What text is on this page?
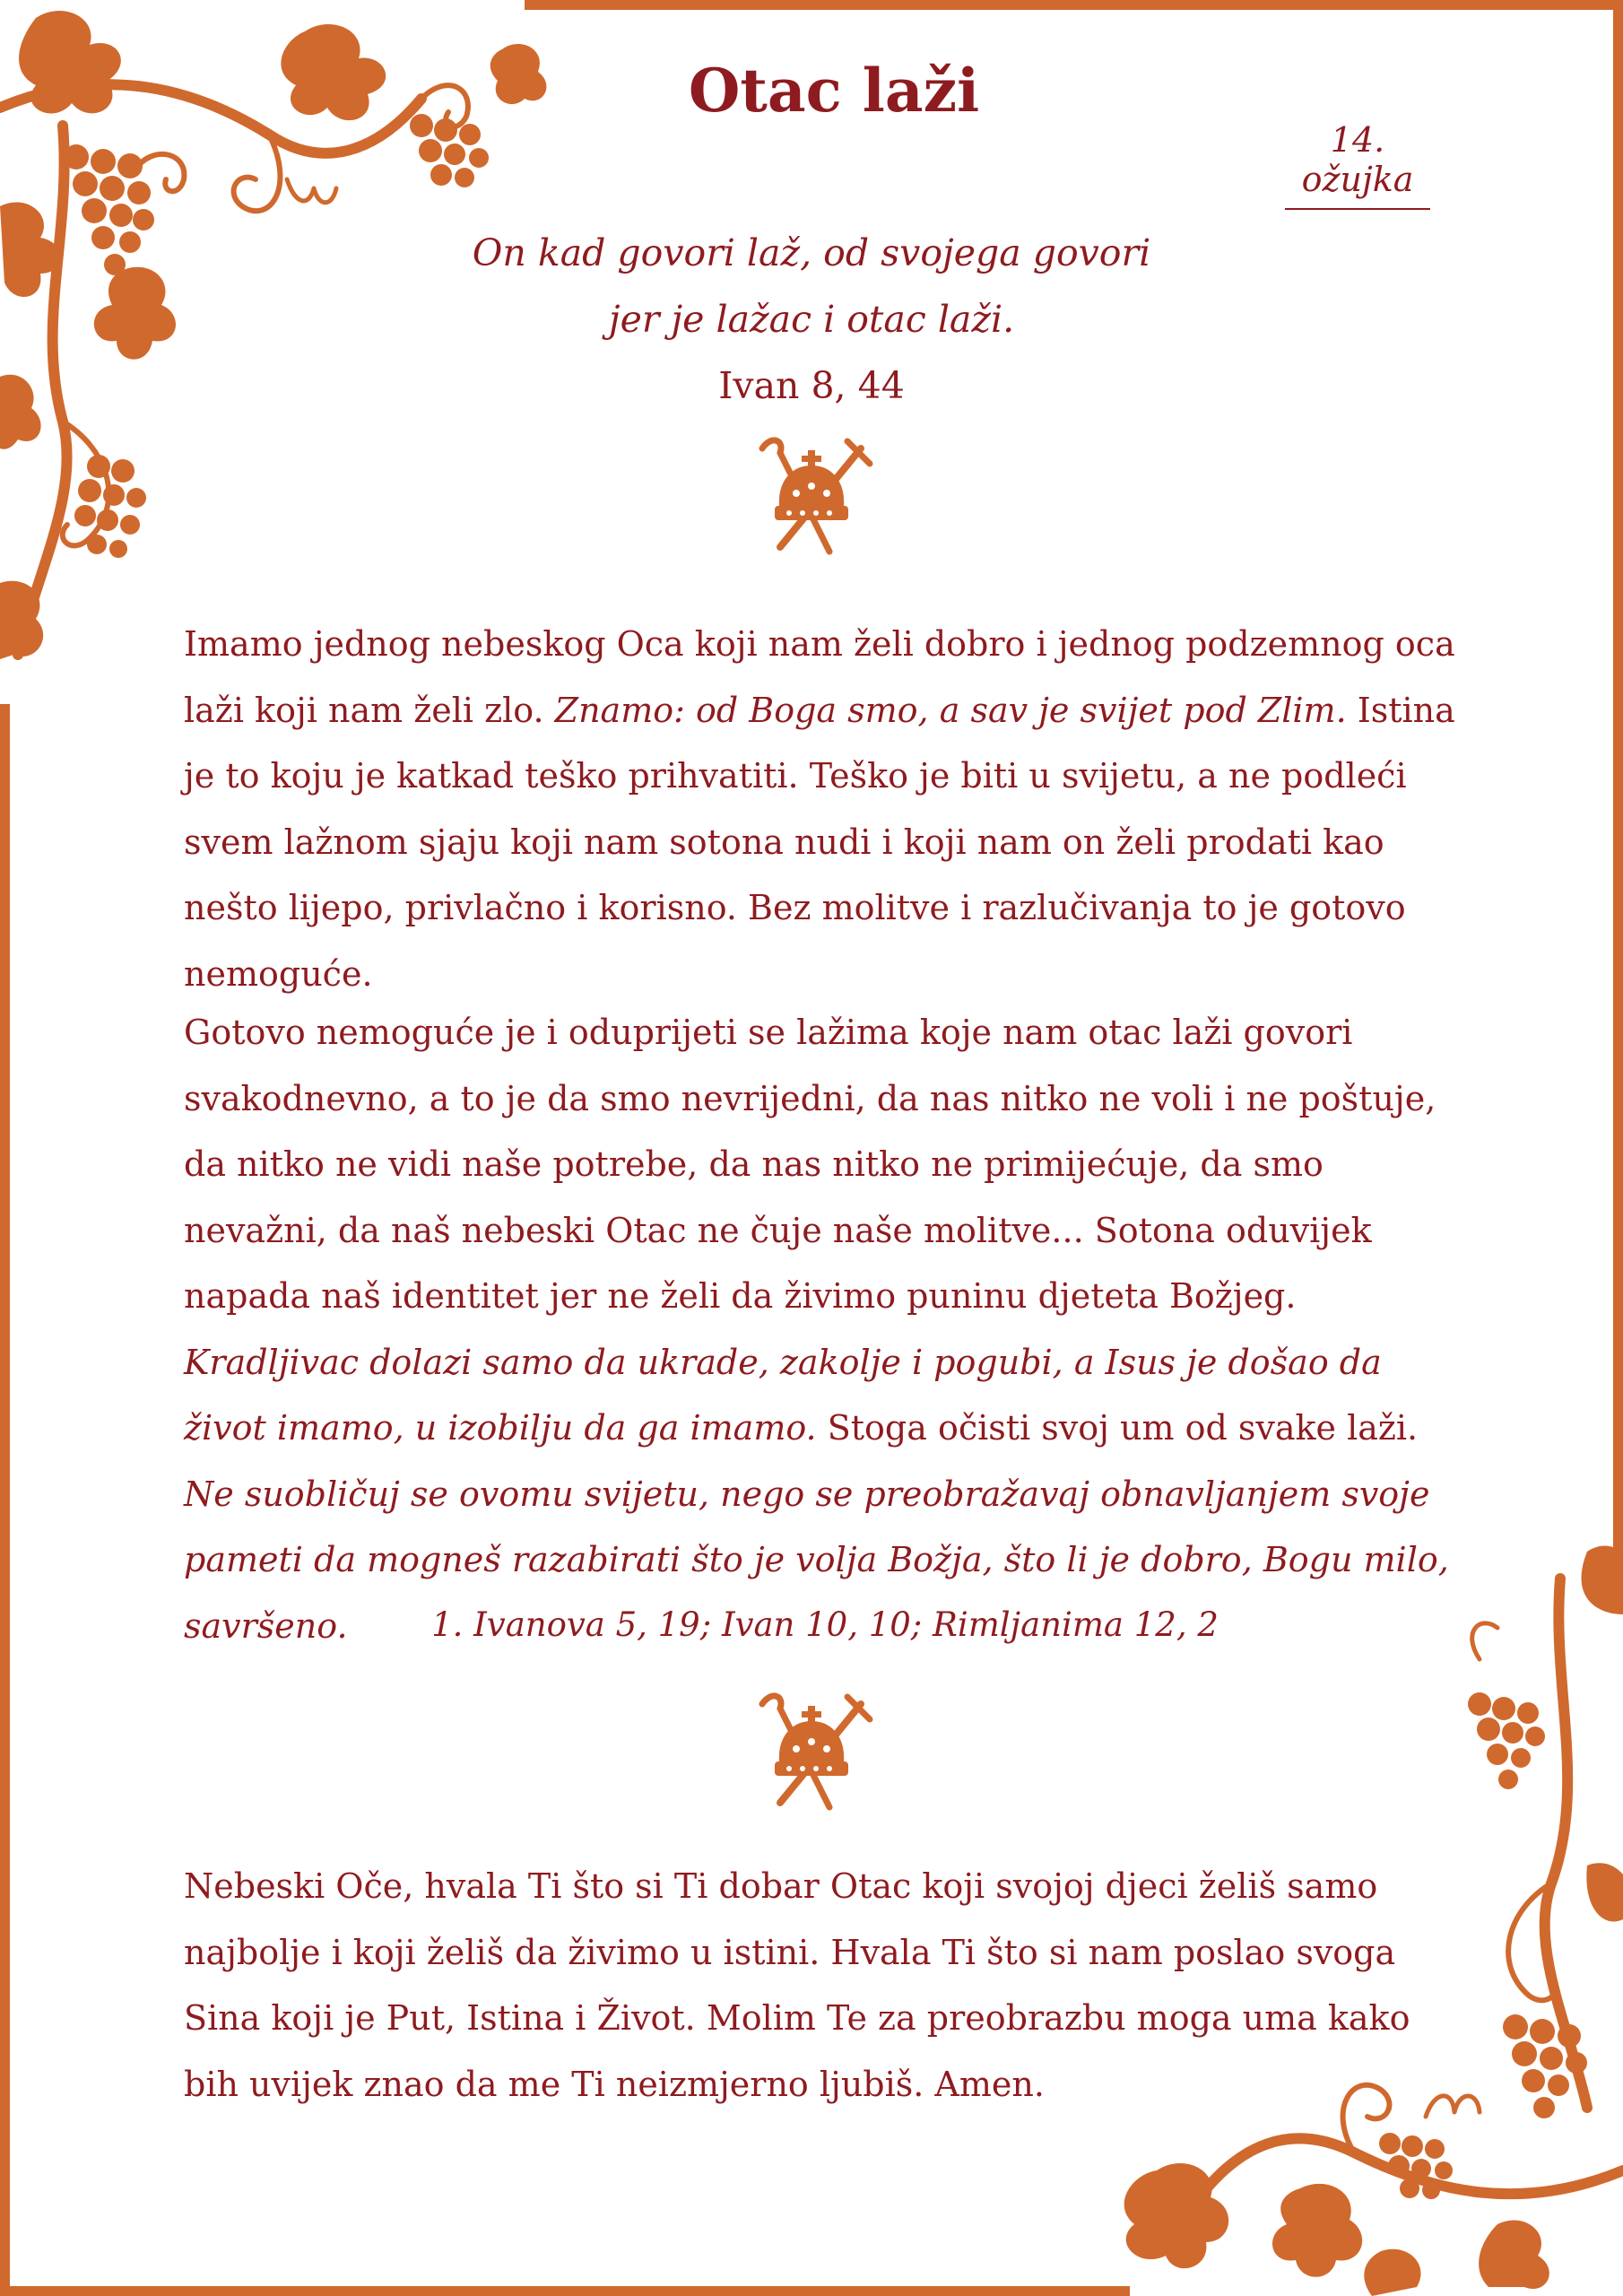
Otac laži
14. ožujka
On kad govori laž, od svojega govori
jer je lažac i otac laži.
Ivan 8, 44
Imamo jednog nebeskog Oca koji nam želi dobro i jednog podzemnog oca laži koji nam želi zlo. Znamo: od Boga smo, a sav je svijet pod Zlim. Istina je to koju je katkad teško prihvatiti. Teško je biti u svijetu, a ne podleći svem lažnom sjaju koji nam sotona nudi i koji nam on želi prodati kao nešto lijepo, privlačno i korisno. Bez molitve i razlučivanja to je gotovo nemoguće.
Gotovo nemoguće je i oduprijeti se lažima koje nam otac laži govori svakodnevno, a to je da smo nevrijedni, da nas nitko ne voli i ne poštuje, da nitko ne vidi naše potrebe, da nas nitko ne primijećuje, da smo nevažni, da naš nebeski Otac ne čuje naše molitve... Sotona oduvijek napada naš identitet jer ne želi da živimo puninu djeteta Božjeg. Kradljivac dolazi samo da ukrade, zakolje i pogubi, a Isus je došao da život imamo, u izobilju da ga imamo. Stoga očisti svoj um od svake laži. Ne suobličuj se ovomu svijetu, nego se preobražavaj obnavljanjem svoje pameti da mogneš razabirati što je volja Božja, što li je dobro, Bogu milo, savršeno.	1. Ivanova 5, 19; Ivan 10, 10; Rimljanima 12, 2
Nebeski Oče, hvala Ti što si Ti dobar Otac koji svojoj djeci želiš samo najbolje i koji želiš da živimo u istini. Hvala Ti što si nam poslao svoga Sina koji je Put, Istina i Život. Molim Te za preobrazbu moga uma kako bih uvijek znao da me Ti neizmjerno ljubiš. Amen.
